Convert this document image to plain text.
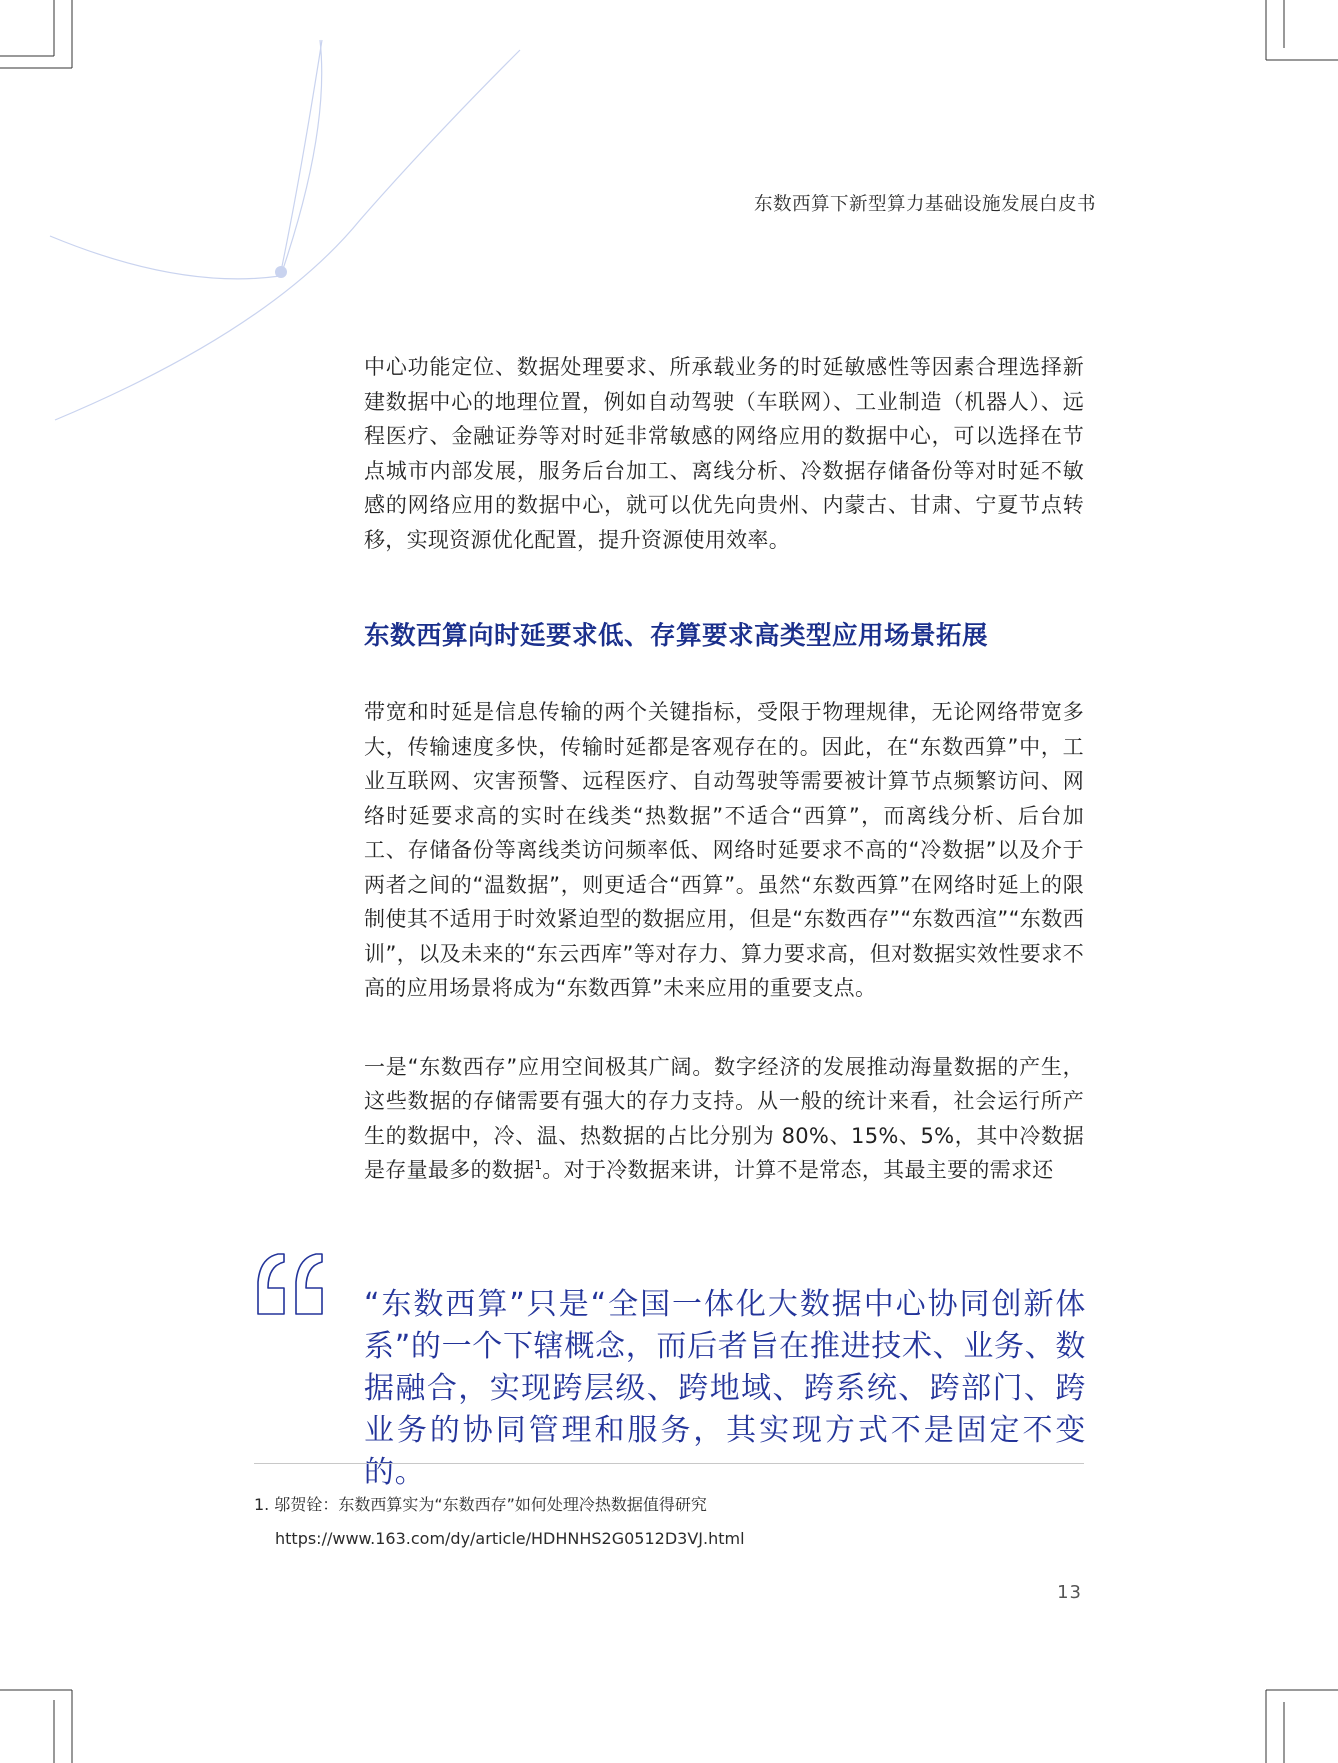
东数西算下新型算力基础设施发展白皮书

中心功能定位、数据处理要求、所承载业务的时延敏感性等因素合理选择新建数据中心的地理位置，例如自动驾驶（车联网）、工业制造（机器人）、远程医疗、金融证券等对时延非常敏感的网络应用的数据中心，可以选择在节点城市内部发展，服务后台加工、离线分析、冷数据存储备份等对时延不敏感的网络应用的数据中心，就可以优先向贵州、内蒙古、甘肃、宁夏节点转移，实现资源优化配置，提升资源使用效率。

东数西算向时延要求低、存算要求高类型应用场景拓展

带宽和时延是信息传输的两个关键指标，受限于物理规律，无论网络带宽多大，传输速度多快，传输时延都是客观存在的。因此，在“东数西算”中，工业互联网、灾害预警、远程医疗、自动驾驶等需要被计算节点频繁访问、网络时延要求高的实时在线类“热数据”不适合“西算”，而离线分析、后台加工、存储备份等离线类访问频率低、网络时延要求不高的“冷数据”以及介于两者之间的“温数据”，则更适合“西算”。虽然“东数西算”在网络时延上的限制使其不适用于时效紧迫型的数据应用，但是“东数西存”“东数西渲”“东数西训”，以及未来的“东云西库”等对存力、算力要求高，但对数据实效性要求不高的应用场景将成为“东数西算”未来应用的重要支点。

一是“东数西存”应用空间极其广阔。数字经济的发展推动海量数据的产生，这些数据的存储需要有强大的存力支持。从一般的统计来看，社会运行所产生的数据中，冷、温、热数据的占比分别为 80%、15%、5%，其中冷数据是存量最多的数据$^1$。对于冷数据来讲，计算不是常态，其最主要的需求还

“东数西算”只是“全国一体化大数据中心协同创新体系”的一个下辖概念，而后者旨在推进技术、业务、数据融合，实现跨层级、跨地域、跨系统、跨部门、跨业务的协同管理和服务，其实现方式不是固定不变的。

1. 邬贺铨：东数西算实为“东数西存”如何处理冷热数据值得研究
https://www.163.com/dy/article/HDHNHS2G0512D3VJ.html
13
